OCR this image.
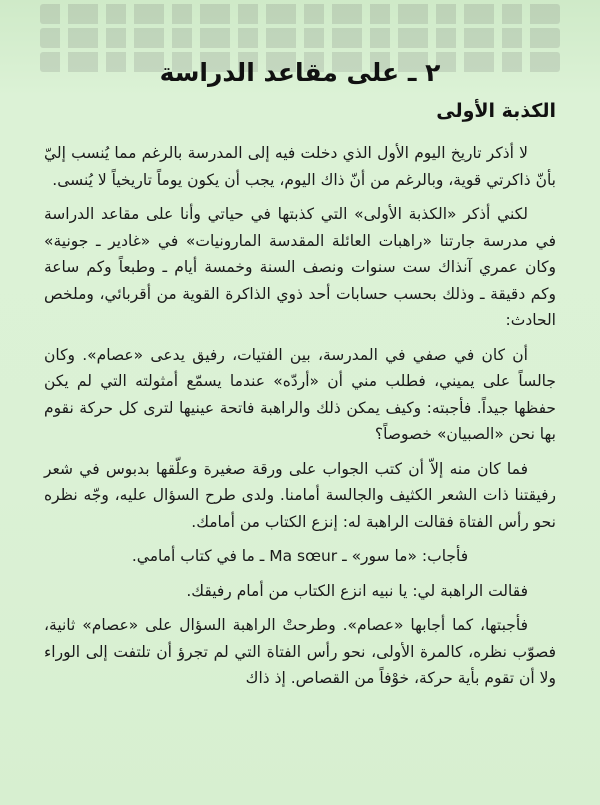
٢ ـ على مقاعد الدراسة
الكذبة الأولى

لا أذكر تاريخ اليوم الأول الذي دخلت فيه إلى المدرسة بالرغم مما يُنسب إليّ بأنّ ذاكرتي قوية، وبالرغم من أنّ ذاك اليوم، يجب أن يكون يوماً تاريخياً لا يُنسى.

لكني أذكر «الكذبة الأولى» التي كذبتها في حياتي وأنا على مقاعد الدراسة في مدرسة جارتنا «راهبات العائلة المقدسة المارونيات» في «غادير ـ جونية» وكان عمري آنذاك ست سنوات ونصف السنة وخمسة أيام ـ وطبعاً وكم ساعة وكم دقيقة ـ وذلك بحسب حسابات أحد ذوي الذاكرة القوية من أقربائي، وملخص الحادث:

أن كان في صفي في المدرسة، بين الفتيات، رفيق يدعى «عصام». وكان جالساً على يميني، فطلب مني أن «أردّه» عندما يسمّع أمثولته التي لم يكن حفظها جيداً. فأجبته: وكيف يمكن ذلك والراهبة فاتحة عينيها لترى كل حركة نقوم بها نحن «الصبيان» خصوصاً؟

فما كان منه إلاّ أن كتب الجواب على ورقة صغيرة وعلّقها بدبوس في شعر رفيقتنا ذات الشعر الكثيف والجالسة أمامنا. ولدى طرح السؤال عليه، وجّه نظره نحو رأس الفتاة فقالت الراهبة له: إنزع الكتاب من أمامك.

فأجاب: «ما سور» ـ Ma sœur ـ ما في كتاب أمامي.

فقالت الراهبة لي: يا نبيه انزع الكتاب من أمام رفيقك.

فأجبتها، كما أجابها «عصام». وطرحتْ الراهبة السؤال على «عصام» ثانية، فصوّب نظره، كالمرة الأولى، نحو رأس الفتاة التي لم تجرؤ أن تلتفت إلى الوراء ولا أن تقوم بأية حركة، خوْفاً من القصاص. إذ ذاك
